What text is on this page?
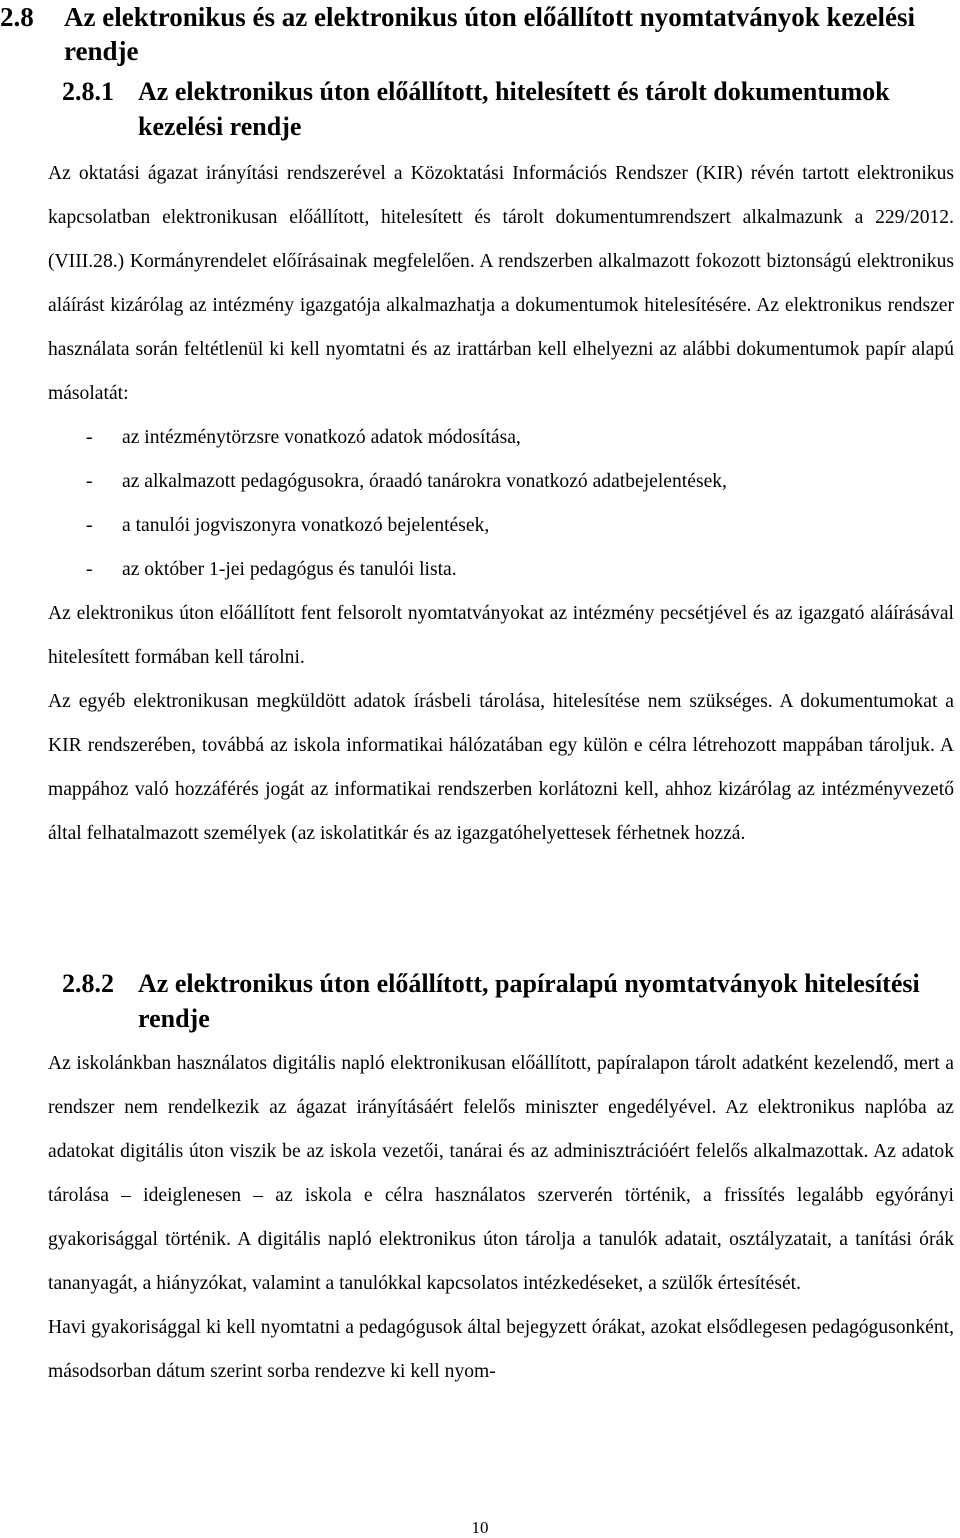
2.8 Az elektronikus és az elektronikus úton előállított nyomtatványok kezelési rendje
2.8.1 Az elektronikus úton előállított, hitelesített és tárolt dokumentumok kezelési rendje

Az oktatási ágazat irányítási rendszerével a Közoktatási Információs Rendszer (KIR) révén tartott elektronikus kapcsolatban elektronikusan előállított, hitelesített és tárolt dokumentumrendszert alkalmazunk a 229/2012. (VIII.28.) Kormányrendelet előírásainak megfelelően. A rendszerben alkalmazott fokozott biztonságú elektronikus aláírást kizárólag az intézmény igazgatója alkalmazhatja a dokumentumok hitelesítésére. Az elektronikus rendszer használata során feltétlenül ki kell nyomtatni és az irattárban kell elhelyezni az alábbi dokumentumok papír alapú másolatát:

- az intézménytörzsre vonatkozó adatok módosítása,
- az alkalmazott pedagógusokra, óraadó tanárokra vonatkozó adatbejelentések,
- a tanulói jogviszonyra vonatkozó bejelentések,
- az október 1-jei pedagógus és tanulói lista.

Az elektronikus úton előállított fent felsorolt nyomtatványokat az intézmény pecsétjével és az igazgató aláírásával hitelesített formában kell tárolni.

Az egyéb elektronikusan megküldött adatok írásbeli tárolása, hitelesítése nem szükséges. A dokumentumokat a KIR rendszerében, továbbá az iskola informatikai hálózatában egy külön e célra létrehozott mappában tároljuk. A mappához való hozzáférés jogát az informatikai rendszerben korlátozni kell, ahhoz kizárólag az intézményvezető által felhatalmazott személyek (az iskolatitkár és az igazgatóhelyettesek férhetnek hozzá.

2.8.2 Az elektronikus úton előállított, papíralapú nyomtatványok hitelesítési rendje

Az iskolánkban használatos digitális napló elektronikusan előállított, papíralapon tárolt adatként kezelendő, mert a rendszer nem rendelkezik az ágazat irányításáért felelős miniszter engedélyével. Az elektronikus naplóba az adatokat digitális úton viszik be az iskola vezetői, tanárai és az adminisztrációért felelős alkalmazottak. Az adatok tárolása – ideiglenesen – az iskola e célra használatos szerverén történik, a frissítés legalább egyórányi gyakorisággal történik. A digitális napló elektronikus úton tárolja a tanulók adatait, osztályzatait, a tanítási órák tananyagát, a hiányzókat, valamint a tanulókkal kapcsolatos intézkedéseket, a szülők értesítését.

Havi gyakorisággal ki kell nyomtatni a pedagógusok által bejegyzett órákat, azokat elsődlegesen pedagógusonként, másodsorban dátum szerint sorba rendezve ki kell nyom-

10
